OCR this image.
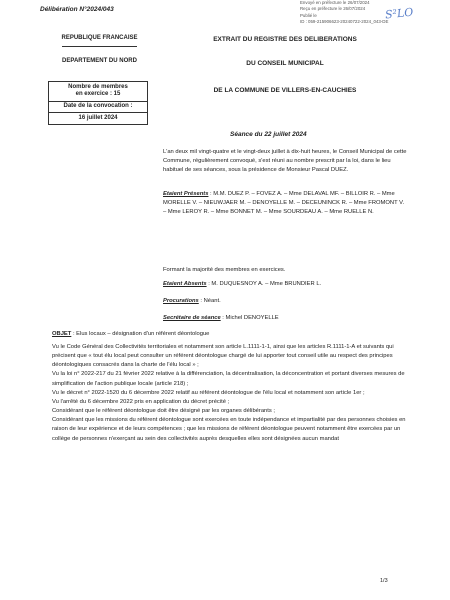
Délibération N°2024/043
Envoyé en préfecture le 26/07/2024
Reçu en préfecture le 26/07/2024
Publié le
ID : 059-215906623-20240722-2024_043-DE
S²LO
REPUBLIQUE FRANCAISE
DEPARTEMENT DU NORD
Nombre de membres
en exercice : 15
Date de la convocation :
16 juillet 2024
EXTRAIT DU REGISTRE DES DELIBERATIONS
DU CONSEIL MUNICIPAL
DE LA COMMUNE DE VILLERS-EN-CAUCHIES
Séance du 22 juillet 2024
L'an deux mil vingt-quatre et le vingt-deux juillet à dix-huit heures, le Conseil Municipal de cette Commune, régulièrement convoqué, s'est réuni au nombre prescrit par la loi, dans le lieu habituel de ses séances, sous la présidence de Monsieur Pascal DUEZ.
Etaient Présents : M.M. DUEZ P. – FOVEZ A. – Mme DELAVAL MF. – BILLOIR R. – Mme MORELLE V. – NIEUWJAER M. – DENOYELLE M. – DECEUNINCK R. – Mme FROMONT V. – Mme LEROY R. – Mme BONNET M. – Mme SOURDEAU A. – Mme RUELLE N.
Formant la majorité des membres en exercices.
Etaient Absents : M. DUQUESNOY A. – Mme BRUNDIER L.
Procurations : Néant.
Secrétaire de séance : Michel DENOYELLE
OBJET : Elus locaux – désignation d'un référent déontologue
Vu le Code Général des Collectivités territoriales et notamment son article L.1111-1-1, ainsi que les articles R.1111-1-A et suivants qui précisent que « tout élu local peut consulter un référent déontologue chargé de lui apporter tout conseil utile au respect des principes déontologiques consacrés dans la charte de l'élu local » ;
Vu la loi n° 2022-217 du 21 février 2022 relative à la différenciation, la décentralisation, la déconcentration et portant diverses mesures de simplification de l'action publique locale (article 218) ;
Vu le décret n° 2022-1520 du 6 décembre 2022 relatif au référent déontologue de l'élu local et notamment son article 1er ;
Vu l'arrêté du 6 décembre 2022 pris en application du décret précité ;
Considérant que le référent déontologue doit être désigné par les organes délibérants ;
Considérant que les missions du référent déontologue sont exercées en toute indépendance et impartialité par des personnes choisies en raison de leur expérience et de leurs compétences ; que les missions de référent déontologue peuvent notamment être exercées par un collège de personnes n'exerçant au sein des collectivités auprès desquelles elles sont désignées aucun mandat
1/3
